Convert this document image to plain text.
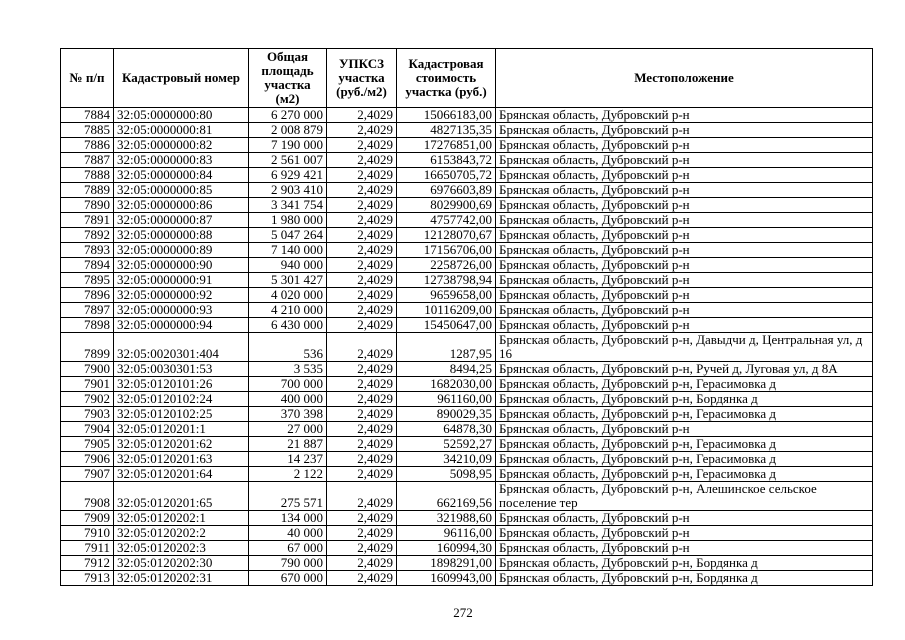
№ п/п	Кадастровый номер	Общая площадь участка (м2)	УПКСЗ участка (руб./м2)	Кадастровая стоимость участка (руб.)	Местоположение
7884	32:05:0000000:80	6 270 000	2,4029	15066183,00	Брянская область, Дубровский р-н
7885	32:05:0000000:81	2 008 879	2,4029	4827135,35	Брянская область, Дубровский р-н
7886	32:05:0000000:82	7 190 000	2,4029	17276851,00	Брянская область, Дубровский р-н
7887	32:05:0000000:83	2 561 007	2,4029	6153843,72	Брянская область, Дубровский р-н
7888	32:05:0000000:84	6 929 421	2,4029	16650705,72	Брянская область, Дубровский р-н
7889	32:05:0000000:85	2 903 410	2,4029	6976603,89	Брянская область, Дубровский р-н
7890	32:05:0000000:86	3 341 754	2,4029	8029900,69	Брянская область, Дубровский р-н
7891	32:05:0000000:87	1 980 000	2,4029	4757742,00	Брянская область, Дубровский р-н
7892	32:05:0000000:88	5 047 264	2,4029	12128070,67	Брянская область, Дубровский р-н
7893	32:05:0000000:89	7 140 000	2,4029	17156706,00	Брянская область, Дубровский р-н
7894	32:05:0000000:90	940 000	2,4029	2258726,00	Брянская область, Дубровский р-н
7895	32:05:0000000:91	5 301 427	2,4029	12738798,94	Брянская область, Дубровский р-н
7896	32:05:0000000:92	4 020 000	2,4029	9659658,00	Брянская область, Дубровский р-н
7897	32:05:0000000:93	4 210 000	2,4029	10116209,00	Брянская область, Дубровский р-н
7898	32:05:0000000:94	6 430 000	2,4029	15450647,00	Брянская область, Дубровский р-н
7899	32:05:0020301:404	536	2,4029	1287,95	Брянская область, Дубровский р-н, Давыдчи д, Центральная ул, д 16
7900	32:05:0030301:53	3 535	2,4029	8494,25	Брянская область, Дубровский р-н, Ручей д, Луговая ул, д 8А
7901	32:05:0120101:26	700 000	2,4029	1682030,00	Брянская область, Дубровский р-н, Герасимовка д
7902	32:05:0120102:24	400 000	2,4029	961160,00	Брянская область, Дубровский р-н, Бордянка д
7903	32:05:0120102:25	370 398	2,4029	890029,35	Брянская область, Дубровский р-н, Герасимовка д
7904	32:05:0120201:1	27 000	2,4029	64878,30	Брянская область, Дубровский р-н
7905	32:05:0120201:62	21 887	2,4029	52592,27	Брянская область, Дубровский р-н, Герасимовка д
7906	32:05:0120201:63	14 237	2,4029	34210,09	Брянская область, Дубровский р-н, Герасимовка д
7907	32:05:0120201:64	2 122	2,4029	5098,95	Брянская область, Дубровский р-н, Герасимовка д
7908	32:05:0120201:65	275 571	2,4029	662169,56	Брянская область, Дубровский р-н, Алешинское сельское поселение тер
7909	32:05:0120202:1	134 000	2,4029	321988,60	Брянская область, Дубровский р-н
7910	32:05:0120202:2	40 000	2,4029	96116,00	Брянская область, Дубровский р-н
7911	32:05:0120202:3	67 000	2,4029	160994,30	Брянская область, Дубровский р-н
7912	32:05:0120202:30	790 000	2,4029	1898291,00	Брянская область, Дубровский р-н, Бордянка д
7913	32:05:0120202:31	670 000	2,4029	1609943,00	Брянская область, Дубровский р-н, Бордянка д
272
